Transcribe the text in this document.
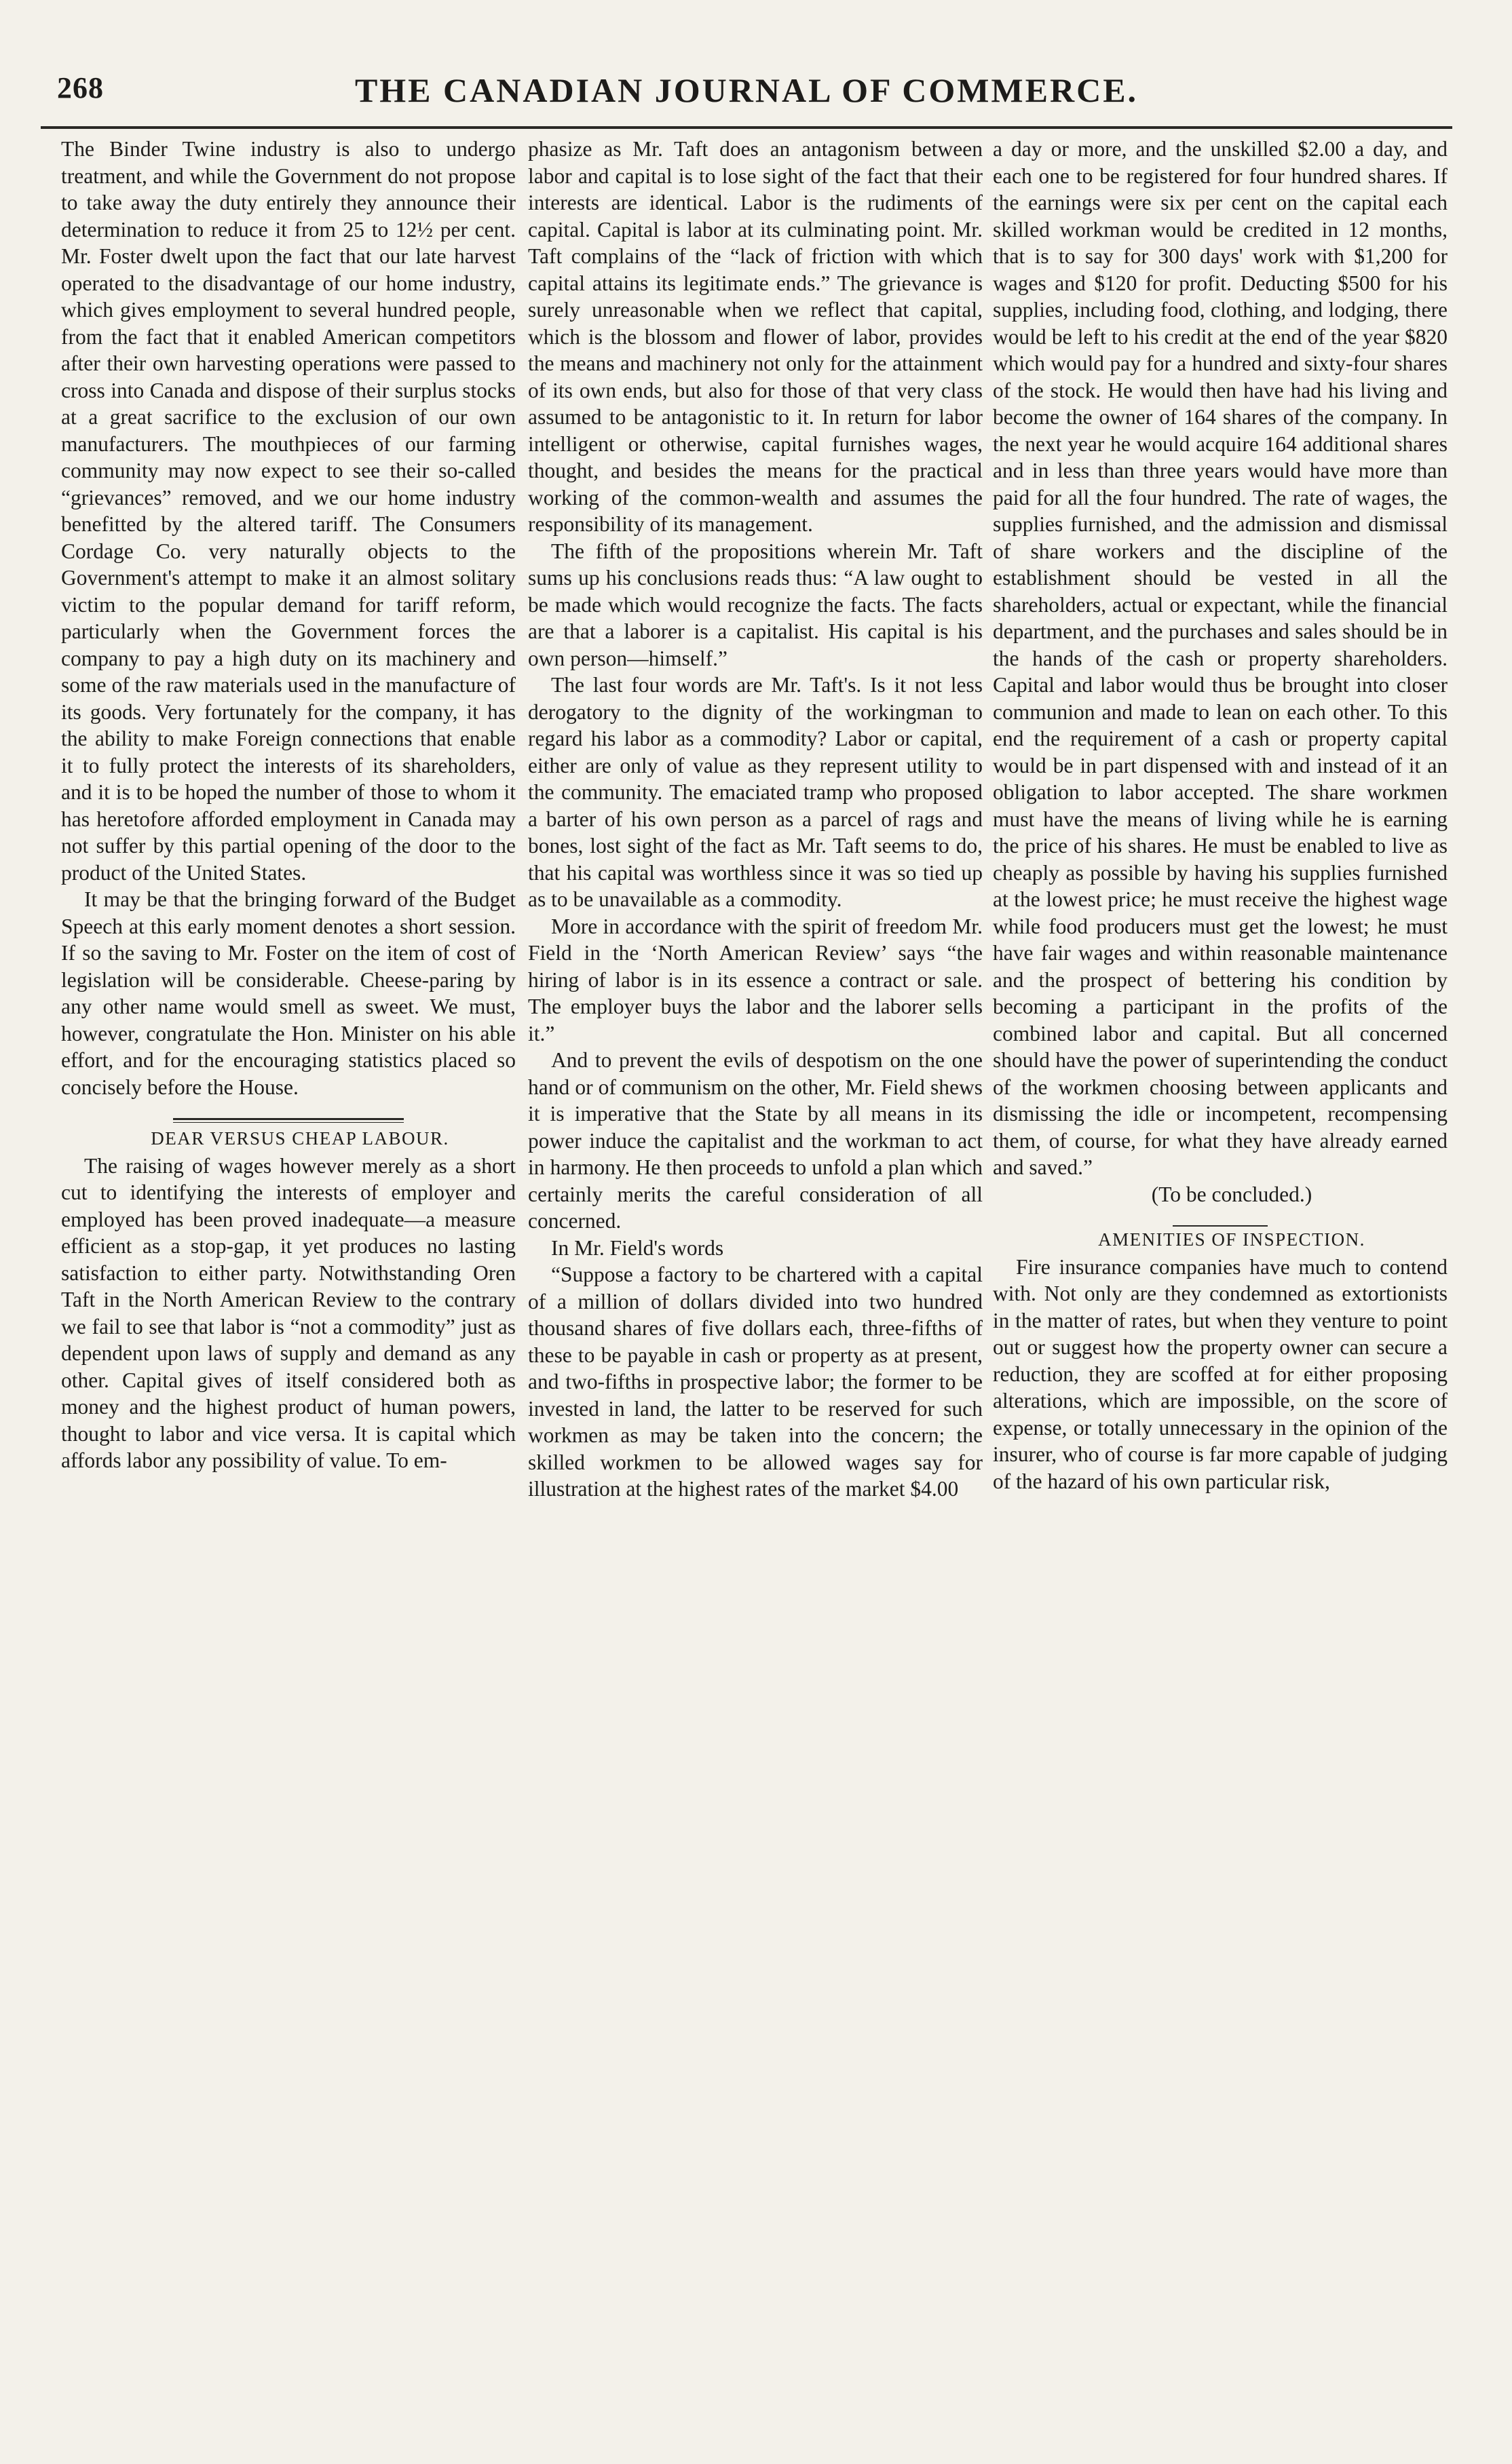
268	THE CANADIAN JOURNAL OF COMMERCE.

The Binder Twine industry is also to undergo treatment, and while the Government do not propose to take away the duty entirely they announce their determination to reduce it from 25 to 12½ per cent. Mr. Foster dwelt upon the fact that our late harvest operated to the disadvantage of our home industry, which gives employment to several hundred people, from the fact that it enabled American competitors after their own harvesting operations were passed to cross into Canada and dispose of their surplus stocks at a great sacrifice to the exclusion of our own manufacturers. The mouthpieces of our farming community may now expect to see their so-called “grievances” removed, and we our home industry benefitted by the altered tariff. The Consumers Cordage Co. very naturally objects to the Government's attempt to make it an almost solitary victim to the popular demand for tariff reform, particularly when the Government forces the company to pay a high duty on its machinery and some of the raw materials used in the manufacture of its goods. Very fortunately for the company, it has the ability to make Foreign connections that enable it to fully protect the interests of its shareholders, and it is to be hoped the number of those to whom it has heretofore afforded employment in Canada may not suffer by this partial opening of the door to the product of the United States.

It may be that the bringing forward of the Budget Speech at this early moment denotes a short session. If so the saving to Mr. Foster on the item of cost of legislation will be considerable. Cheese-paring by any other name would smell as sweet. We must, however, congratulate the Hon. Minister on his able effort, and for the encouraging statistics placed so concisely before the House.

DEAR VERSUS CHEAP LABOUR.

The raising of wages however merely as a short cut to identifying the interests of employer and employed has been proved inadequate—a measure efficient as a stop-gap, it yet produces no lasting satisfaction to either party. Notwithstanding Oren Taft in the North American Review to the contrary we fail to see that labor is “not a commodity” just as dependent upon laws of supply and demand as any other. Capital gives of itself considered both as money and the highest product of human powers, thought to labor and vice versa. It is capital which affords labor any possibility of value. To em-

phasize as Mr. Taft does an antagonism between labor and capital is to lose sight of the fact that their interests are identical. Labor is the rudiments of capital. Capital is labor at its culminating point. Mr. Taft complains of the “lack of friction with which capital attains its legitimate ends.” The grievance is surely unreasonable when we reflect that capital, which is the blossom and flower of labor, provides the means and machinery not only for the attainment of its own ends, but also for those of that very class assumed to be antagonistic to it. In return for labor intelligent or otherwise, capital furnishes wages, thought, and besides the means for the practical working of the common-wealth and assumes the responsibility of its management.

The fifth of the propositions wherein Mr. Taft sums up his conclusions reads thus: “A law ought to be made which would recognize the facts. The facts are that a laborer is a capitalist. His capital is his own person—himself.”

The last four words are Mr. Taft's. Is it not less derogatory to the dignity of the workingman to regard his labor as a commodity? Labor or capital, either are only of value as they represent utility to the community. The emaciated tramp who proposed a barter of his own person as a parcel of rags and bones, lost sight of the fact as Mr. Taft seems to do, that his capital was worthless since it was so tied up as to be unavailable as a commodity.

More in accordance with the spirit of freedom Mr. Field in the ‘North American Review’ says “the hiring of labor is in its essence a contract or sale. The employer buys the labor and the laborer sells it.”

And to prevent the evils of despotism on the one hand or of communism on the other, Mr. Field shews it is imperative that the State by all means in its power induce the capitalist and the workman to act in harmony. He then proceeds to unfold a plan which certainly merits the careful consideration of all concerned.

In Mr. Field's words

“Suppose a factory to be chartered with a capital of a million of dollars divided into two hundred thousand shares of five dollars each, three-fifths of these to be payable in cash or property as at present, and two-fifths in prospective labor; the former to be invested in land, the latter to be reserved for such workmen as may be taken into the concern; the skilled workmen to be allowed wages say for illustration at the highest rates of the market $4.00

a day or more, and the unskilled $2.00 a day, and each one to be registered for four hundred shares. If the earnings were six per cent on the capital each skilled workman would be credited in 12 months, that is to say for 300 days' work with $1,200 for wages and $120 for profit. Deducting $500 for his supplies, including food, clothing, and lodging, there would be left to his credit at the end of the year $820 which would pay for a hundred and sixty-four shares of the stock. He would then have had his living and become the owner of 164 shares of the company. In the next year he would acquire 164 additional shares and in less than three years would have more than paid for all the four hundred. The rate of wages, the supplies furnished, and the admission and dismissal of share workers and the discipline of the establishment should be vested in all the shareholders, actual or expectant, while the financial department, and the purchases and sales should be in the hands of the cash or property shareholders. Capital and labor would thus be brought into closer communion and made to lean on each other. To this end the requirement of a cash or property capital would be in part dispensed with and instead of it an obligation to labor accepted. The share workmen must have the means of living while he is earning the price of his shares. He must be enabled to live as cheaply as possible by having his supplies furnished at the lowest price; he must receive the highest wage while food producers must get the lowest; he must have fair wages and within reasonable maintenance and the prospect of bettering his condition by becoming a participant in the profits of the combined labor and capital. But all concerned should have the power of superintending the conduct of the workmen choosing between applicants and dismissing the idle or incompetent, recompensing them, of course, for what they have already earned and saved.”

(To be concluded.)

AMENITIES OF INSPECTION.

Fire insurance companies have much to contend with. Not only are they condemned as extortionists in the matter of rates, but when they venture to point out or suggest how the property owner can secure a reduction, they are scoffed at for either proposing alterations, which are impossible, on the score of expense, or totally unnecessary in the opinion of the insurer, who of course is far more capable of judging of the hazard of his own particular risk,
